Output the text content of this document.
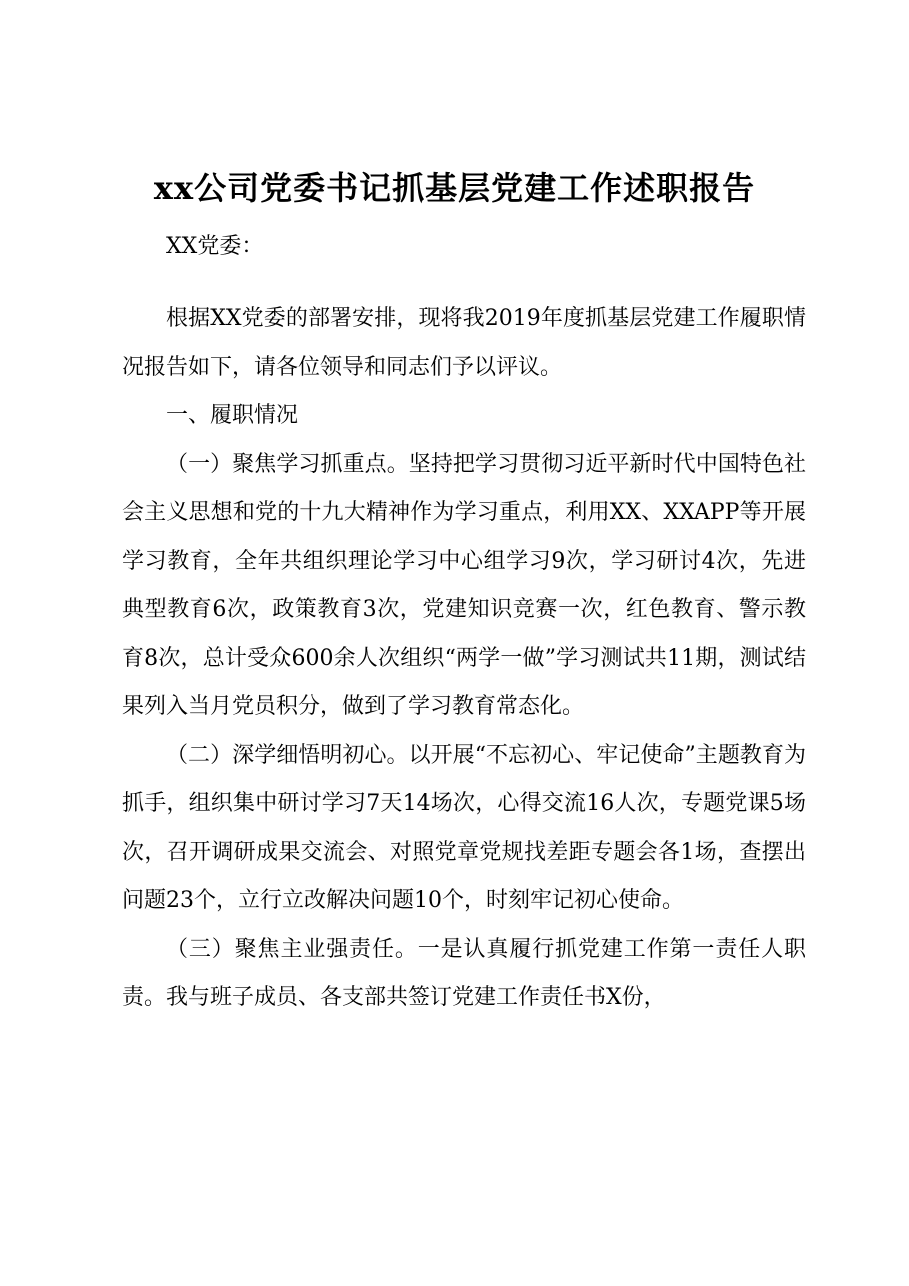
xx公司党委书记抓基层党建工作述职报告

XX党委：

根据XX党委的部署安排，现将我2019年度抓基层党建工作履职情况报告如下，请各位领导和同志们予以评议。

一、履职情况

（一）聚焦学习抓重点。坚持把学习贯彻习近平新时代中国特色社会主义思想和党的十九大精神作为学习重点，利用XX、XXAPP等开展学习教育，全年共组织理论学习中心组学习9次，学习研讨4次，先进典型教育6次，政策教育3次，党建知识竞赛一次，红色教育、警示教育8次，总计受众600余人次组织“两学一做”学习测试共11期，测试结果列入当月党员积分，做到了学习教育常态化。

（二）深学细悟明初心。以开展“不忘初心、牢记使命”主题教育为抓手，组织集中研讨学习7天14场次，心得交流16人次，专题党课5场次，召开调研成果交流会、对照党章党规找差距专题会各1场，查摆出问题23个，立行立改解决问题10个，时刻牢记初心使命。

（三）聚焦主业强责任。一是认真履行抓党建工作第一责任人职责。我与班子成员、各支部共签订党建工作责任书X份，
